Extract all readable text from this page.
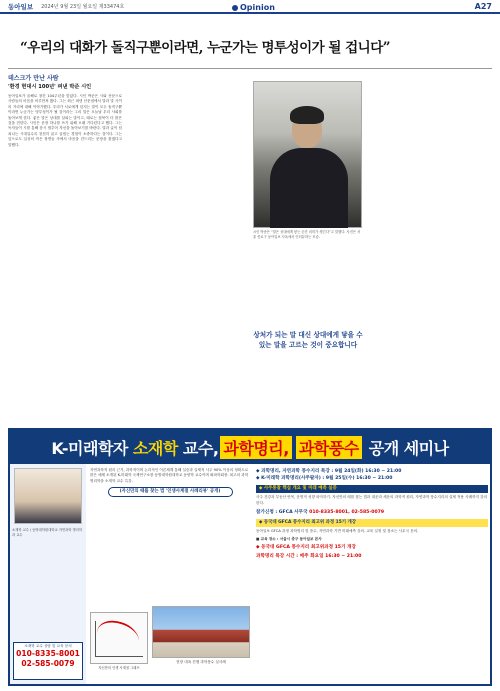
동아일보 2024년 9월 23일 월요일 제33474호	Opinion	A27
“우리의 대화가 돌직구뿐이라면, 누군가는 명투성이가 될 겁니다”
데스크가 만난 사람
'환경 현대시 100년' 펴낸 박준 시인
동아일보가 올해로 창간 104주년을 맞았다. 시인 박준은 시와 산문으로 사람들의 마음을 어루만져 왔다. 그는 최근 펴낸 산문집에서 말과 말 사이의 거리에 대해 이야기했다. 우리가 서로에게 던지는 말이 모두 돌직구뿐이라면 누군가는 멍투성이가 될 것이라는 그의 말은 오늘날 우리 사회를 돌아보게 한다. 좋은 말은 상대를 살피는 말이고, 때로는 침묵이 더 많은 것을 전한다. 시인은 문장 하나를 쓰기 위해 오래 기다린다고 했다. 그는 독자들이 시를 통해 잠시 멈추어 자신을 돌아보기를 바란다. 말과 글이 넘쳐나는 시대일수록 천천히 읽고 곱씹는 경험이 소중하다는 것이다. 그는 앞으로도 일상의 작은 장면들 속에서 마음을 건드리는 문장을 찾겠다고 말했다.
시인 박준은 “말은 상대에게 닿는 순간 의미가 생긴다”고 말했다. 사진은 서울 종로구 동아일보 사옥에서 인터뷰하는 모습.
상처가 되는 말 대신 상대에게 닿을 수 있는 말을 고르는 것이 중요합니다
K-미래학자
소재학
교수, 과학명리, 과학풍수
공개 세미나
소재학 교수 / 동방대학원대학교 자연과학 명리학과 교수
소재학 교수 상담 및 교육 문의
010-8335-8001
02-585-0079
자연과학적 원리 근거, 과학적이며 논리적인 이론체계 통해 실증과 실제적 사주 90% 이상의 정확도로 많은 매체 소개된 K-미래학 국제연구소장 동방대학원대학교 동양학 교수이며 좌파학회장. 최고의 과학 명리학을 소재학 교수 특강.
(자신만의 때를 찾는 법 '인생사계절 사례리뷰' 공개)
자신만의 인생 사계절 그래프
현장 대폭 진행 과학풍수 실사례
◆ 과학명리, 자연과학 풍수지리 특강 : 9월 24일(화) 16:30 ~ 21:00
◆ K-미래학 과학명리(사주팔자) : 9월 25일(수) 16:30 ~ 21:00
◆ 사주통찰 핵심 개요 및 미래 예측 실증
사주 건강과 부동산 안목, 운명적 성향 파악하기. 자신만의 때를 찾는 법과 대운과 세운의 과학적 원리, 자연과학 풍수지리의 실제 적용 사례까지 강의한다.
참가신청 : GFCA 사무국 010-8335-8001, 02-585-0079
◆ 동국대 GFCA 풍수지리 최고위 과정 15기 개강
동아일보 GFCA 과정 과학명리 및 풍수, 자연과학 기반 미래예측 강의. 교육 일정 및 장소는 사무국 문의.
■ 교육 장소 : 서울시 중구 동아일보 본사
◆ 동국대 GFCA 풍수지리 최고위과정 15기 개강
과학명리 특강 시간 : 매주 화요일 16:30 ~ 21:00
